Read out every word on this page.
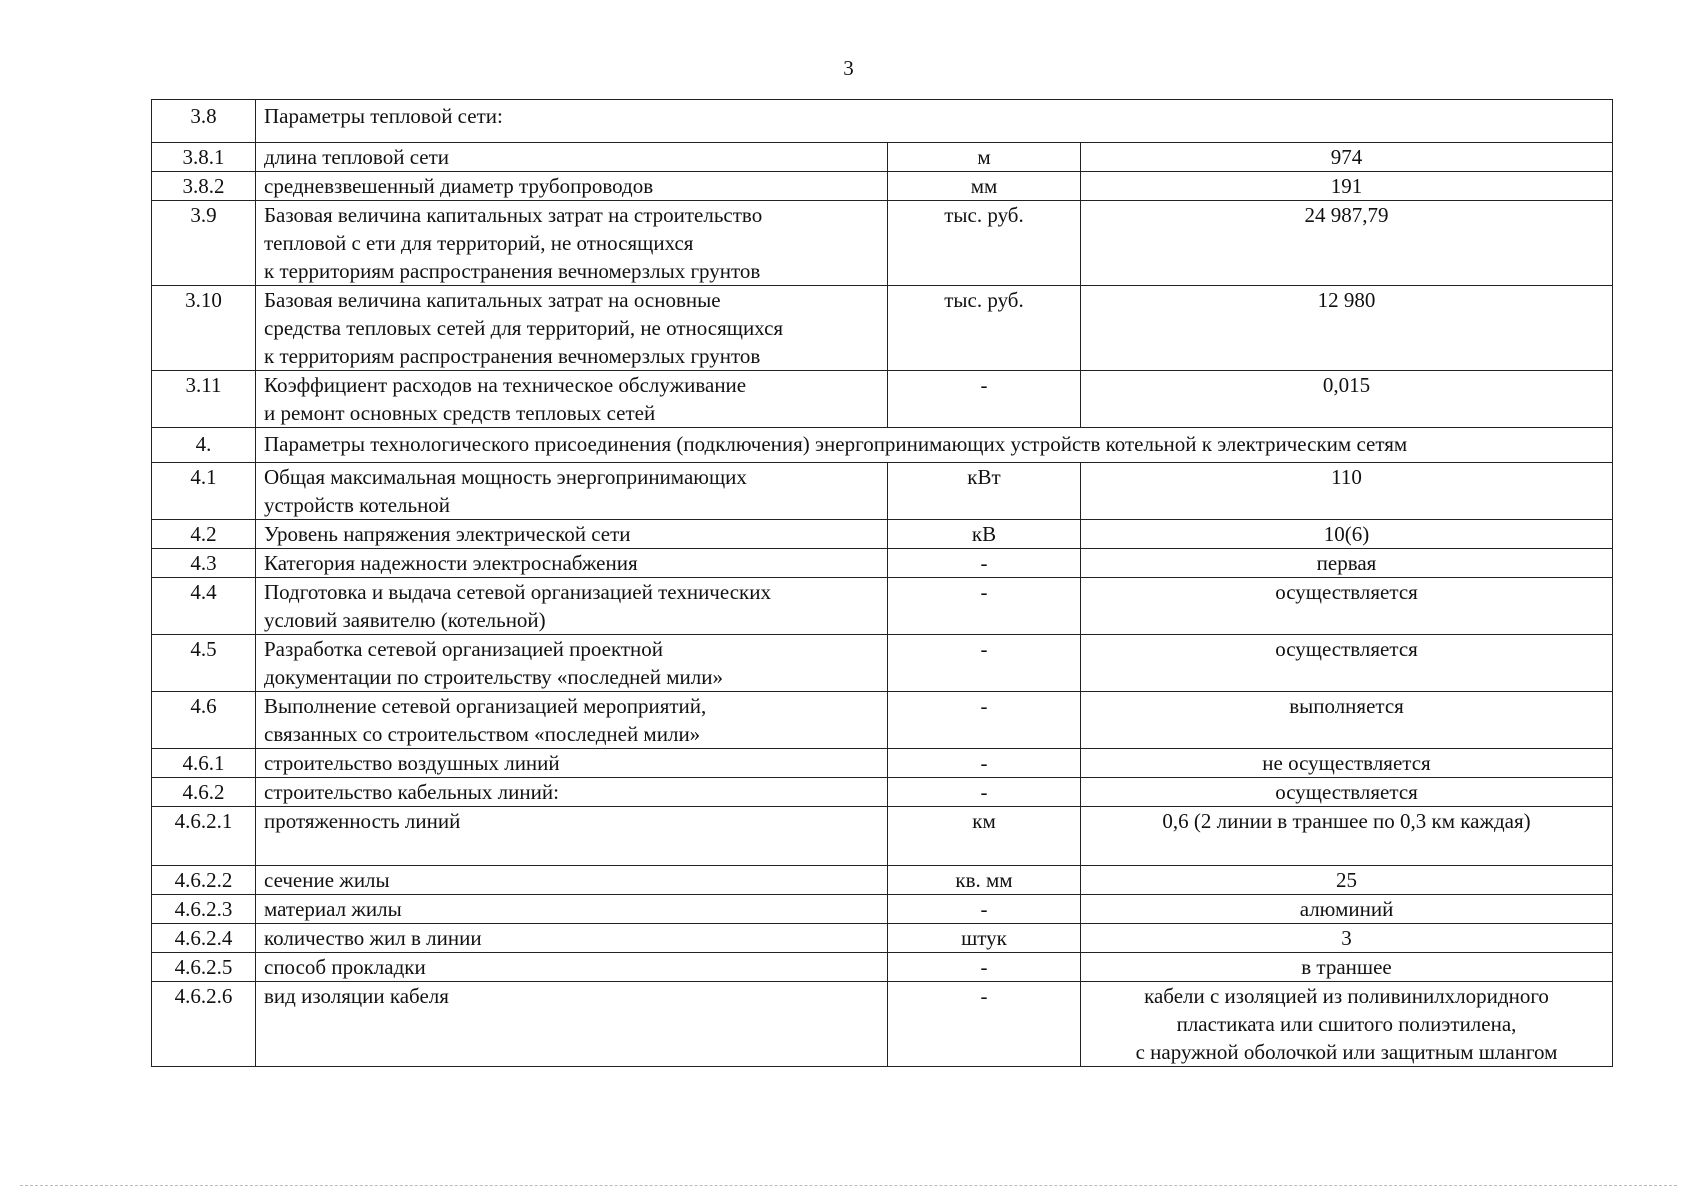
3
3.8	Параметры тепловой сети:		
3.8.1	длина тепловой сети	м	974
3.8.2	средневзвешенный диаметр трубопроводов	мм	191
3.9	Базовая величина капитальных затрат на строительство
тепловой с ети для территорий, не относящихся
к территориям распространения вечномерзлых грунтов	тыс. руб.	24 987,79
3.10	Базовая величина капитальных затрат на основные
средства тепловых сетей для территорий, не относящихся
к территориям распространения вечномерзлых грунтов	тыс. руб.	12 980
3.11	Коэффициент расходов на техническое обслуживание
и ремонт основных средств тепловых сетей	-	0,015
4.	Параметры технологического присоединения (подключения) энергопринимающих устройств котельной к электрическим сетям		
4.1	Общая максимальная мощность энергопринимающих
устройств котельной	кВт	110
4.2	Уровень напряжения электрической сети	кВ	10(6)
4.3	Категория надежности электроснабжения	-	первая
4.4	Подготовка и выдача сетевой организацией технических
условий заявителю (котельной)	-	осуществляется
4.5	Разработка сетевой организацией проектной
документации по строительству «последней мили»	-	осуществляется
4.6	Выполнение сетевой организацией мероприятий,
связанных со строительством «последней мили»	-	выполняется
4.6.1	строительство воздушных линий	-	не осуществляется
4.6.2	строительство кабельных линий:	-	осуществляется
4.6.2.1	протяженность линий	км	0,6 (2 линии в траншее по 0,3 км каждая)
4.6.2.2	сечение жилы	кв. мм	25
4.6.2.3	материал жилы	-	алюминий
4.6.2.4	количество жил в линии	штук	3
4.6.2.5	способ прокладки	-	в траншее
4.6.2.6	вид изоляции кабеля	-	кабели с изоляцией из поливинилхлоридного
пластиката или сшитого полиэтилена,
с наружной оболочкой или защитным шлангом
